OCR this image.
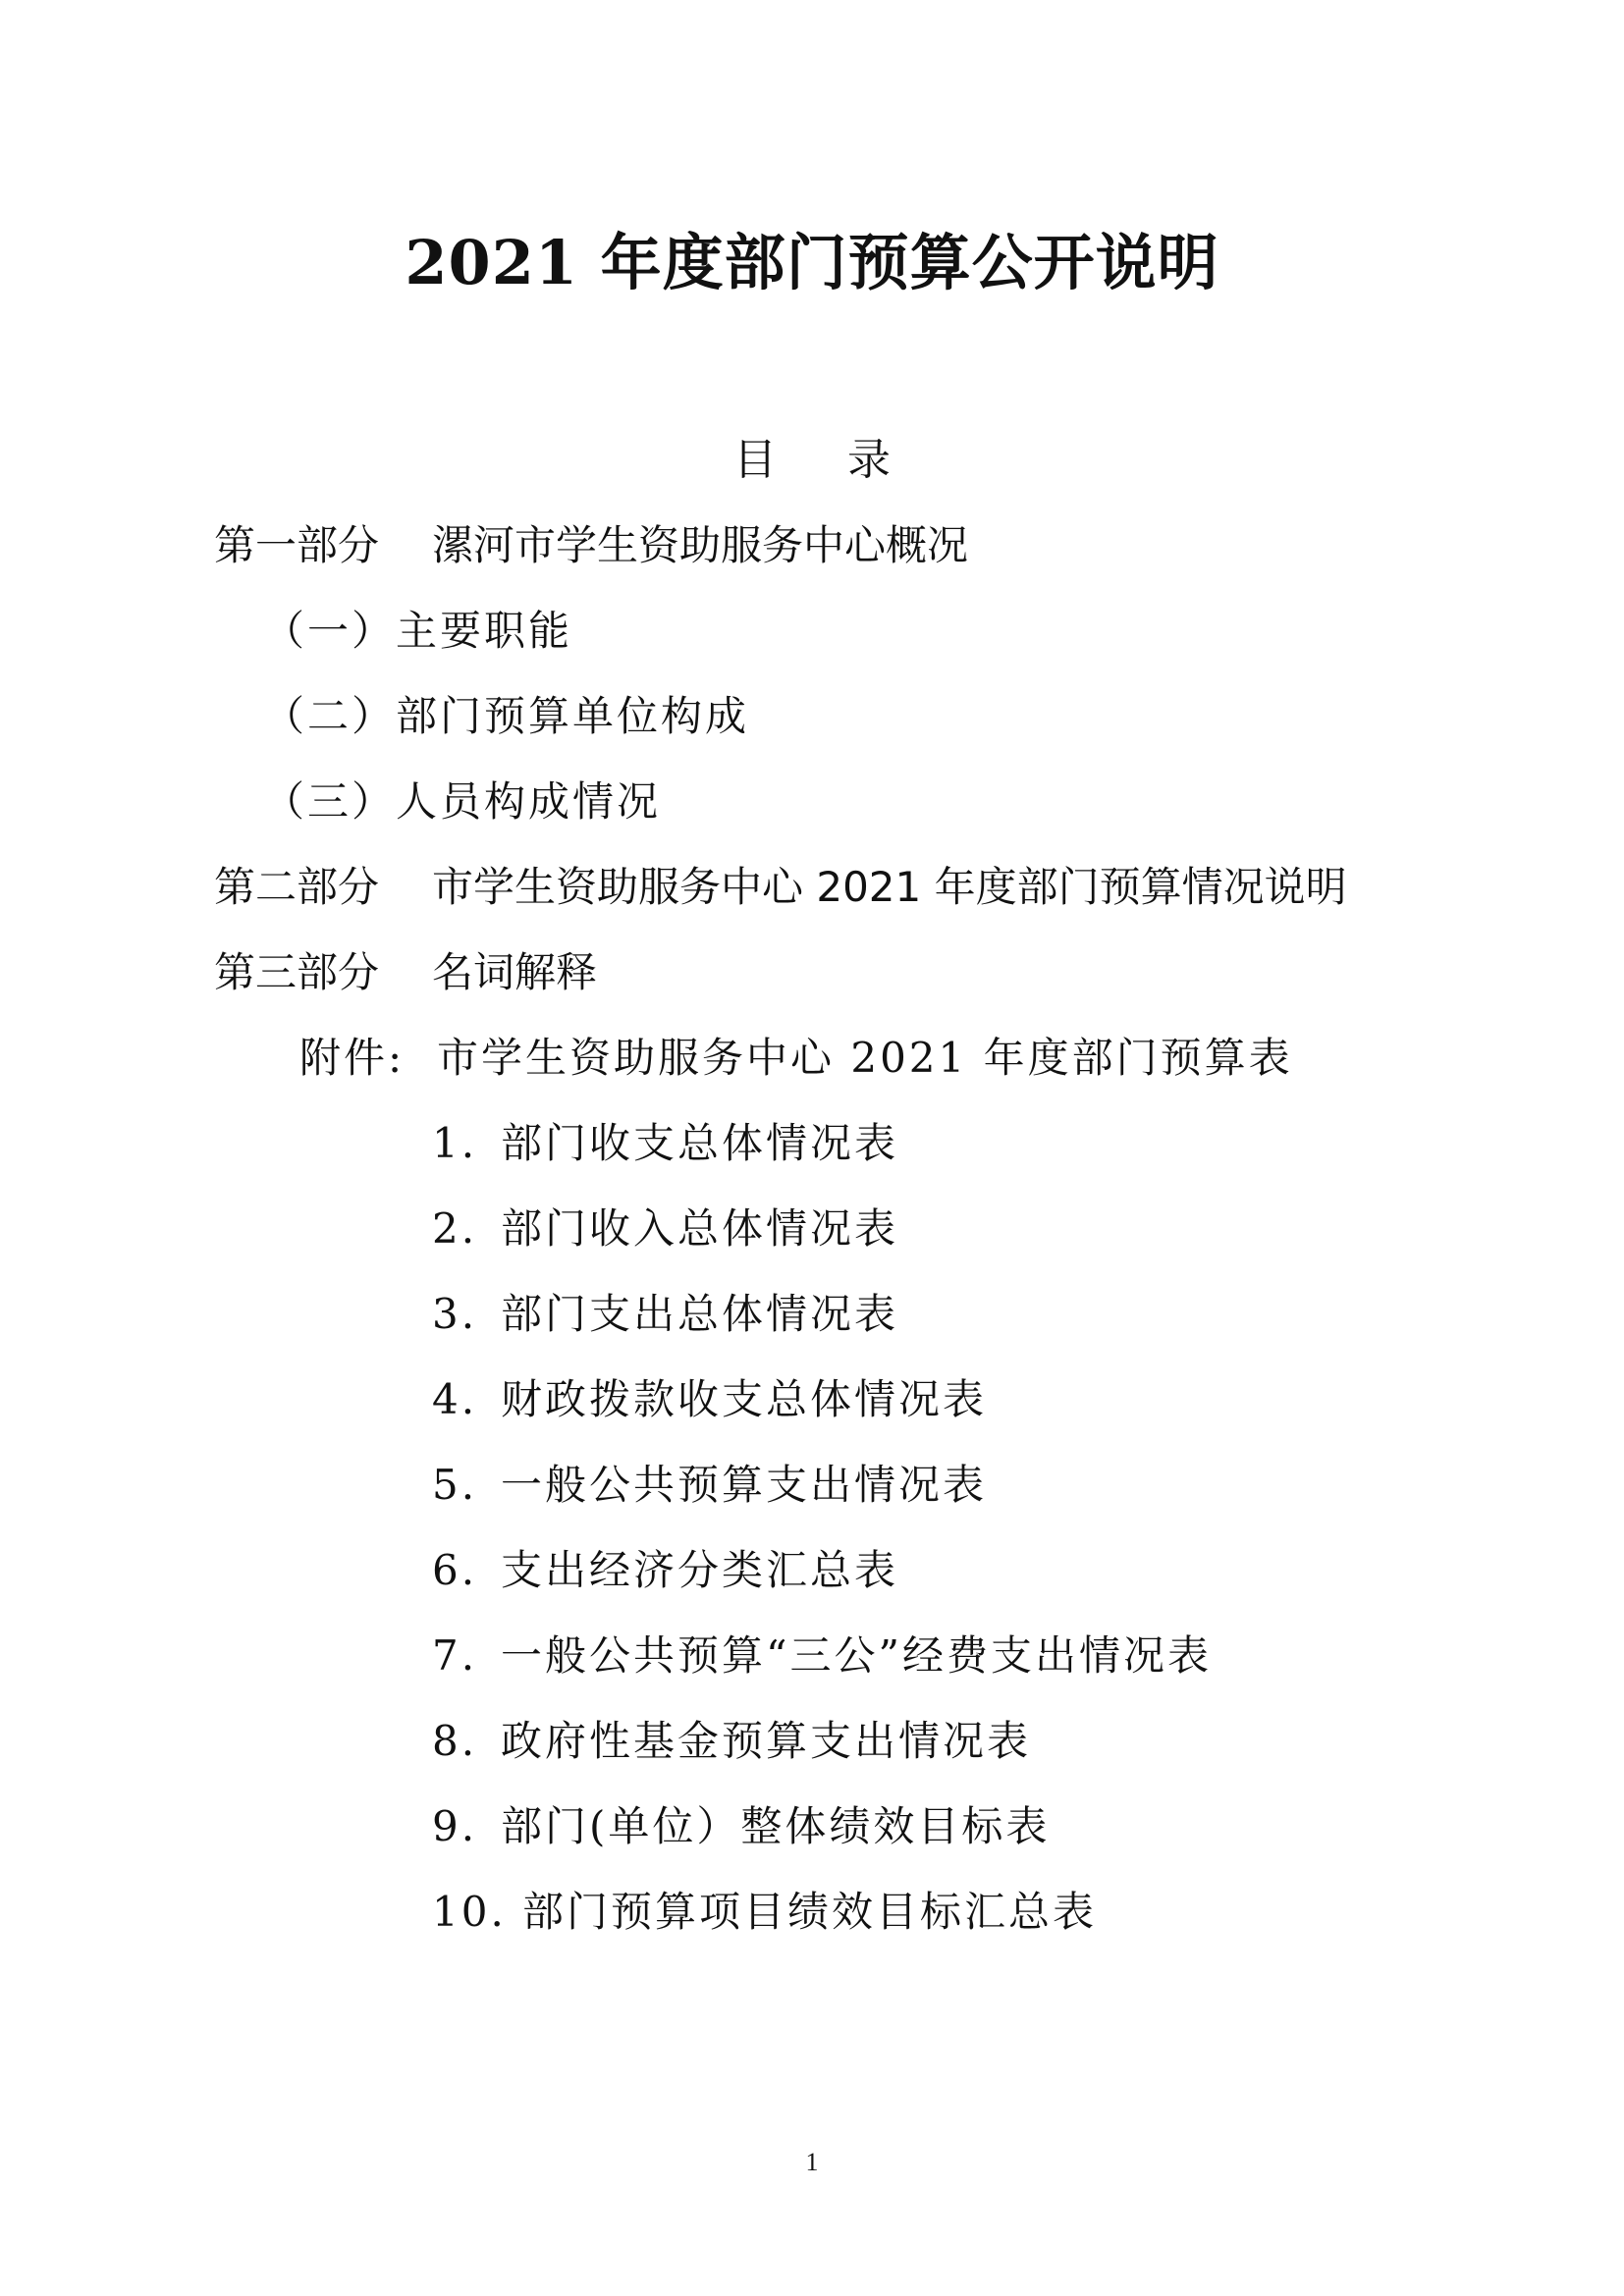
2021 年度部门预算公开说明
目 录
第一部分 漯河市学生资助服务中心概况
（一）主要职能
（二）部门预算单位构成
（三）人员构成情况
第二部分 市学生资助服务中心 2021 年度部门预算情况说明
第三部分 名词解释
附件: 市学生资助服务中心 2021 年度部门预算表
1. 部门收支总体情况表
2. 部门收入总体情况表
3. 部门支出总体情况表
4. 财政拨款收支总体情况表
5. 一般公共预算支出情况表
6. 支出经济分类汇总表
7. 一般公共预算“三公”经费支出情况表
8. 政府性基金预算支出情况表
9. 部门(单位）整体绩效目标表
10. 部门预算项目绩效目标汇总表
1
